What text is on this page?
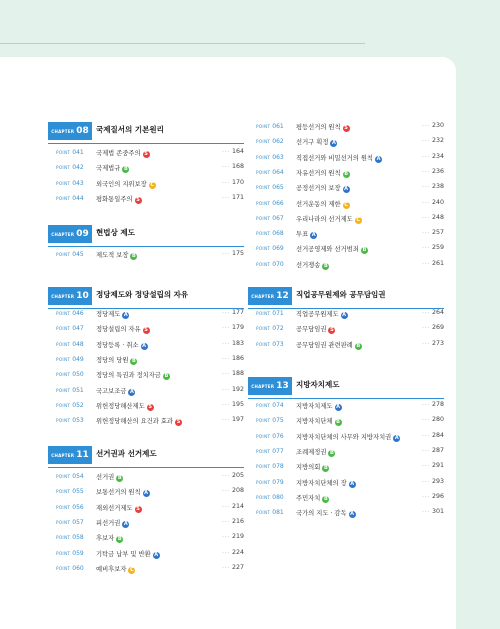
CHAPTER 08 국제질서의 기본원리
POINT 041 국제법 존중주의 S	··· 164
POINT 042 국제법규 B	··· 168
POINT 043 외국인의 지위보장 C	··· 170
POINT 044 평화통일주의 S	··· 171
CHAPTER 09 현법상 제도
POINT 045 제도적 보장 B	··· 175
CHAPTER 10 정당제도와 정당설립의 자유
POINT 046 정당제도 A	··· 177
POINT 047 정당설립의 자유 S	··· 179
POINT 048 정당등록 · 취소 A	··· 183
POINT 049 정당의 당원 B	··· 186
POINT 050 정당의 특권과 정치자금 B	··· 188
POINT 051 국고보조금 A	··· 192
POINT 052 위헌정당해산제도 S	··· 195
POINT 053 위헌정당해산의 요건과 효과 S	··· 197
CHAPTER 11 선거권과 선거제도
POINT 054 선거권 B	··· 205
POINT 055 보통선거의 원칙 A	··· 208
POINT 056 재외선거제도 S	··· 214
POINT 057 피선거권 A	··· 216
POINT 058 후보자 B	··· 219
POINT 059 기탁금 납부 및 반환 A	··· 224
POINT 060 예비후보자 C	··· 227
POINT 061 평등선거의 원칙 S	··· 230
POINT 062 선거구 획정 A	··· 232
POINT 063 직접선거와 비밀선거의 원칙 A	··· 234
POINT 064 자유선거의 원칙 B	··· 236
POINT 065 공정선거의 보장 A	··· 238
POINT 066 선거운동의 제한 C	··· 240
POINT 067 우리나라의 선거제도 C	··· 248
POINT 068 투표 A	··· 257
POINT 069 선거공영제와 선거범죄 B	··· 259
POINT 070 선거쟁송 B	··· 261
CHAPTER 12 직업공무원제와 공무담임권
POINT 071 직업공무원제도 A	··· 264
POINT 072 공무담임권 S	··· 269
POINT 073 공무담임권 관련판례 B	··· 273
CHAPTER 13 지방자치제도
POINT 074 지방자치제도 A	··· 278
POINT 075 지방자치단체 B	··· 280
POINT 076 지방자치단체의 사무와 지방자치권 A	··· 284
POINT 077 조례제정권 B	··· 287
POINT 078 지방의회 B	··· 291
POINT 079 지방자치단체의 장 A	··· 293
POINT 080 주민자치 B	··· 296
POINT 081 국가의 지도 · 감독 A	··· 301
